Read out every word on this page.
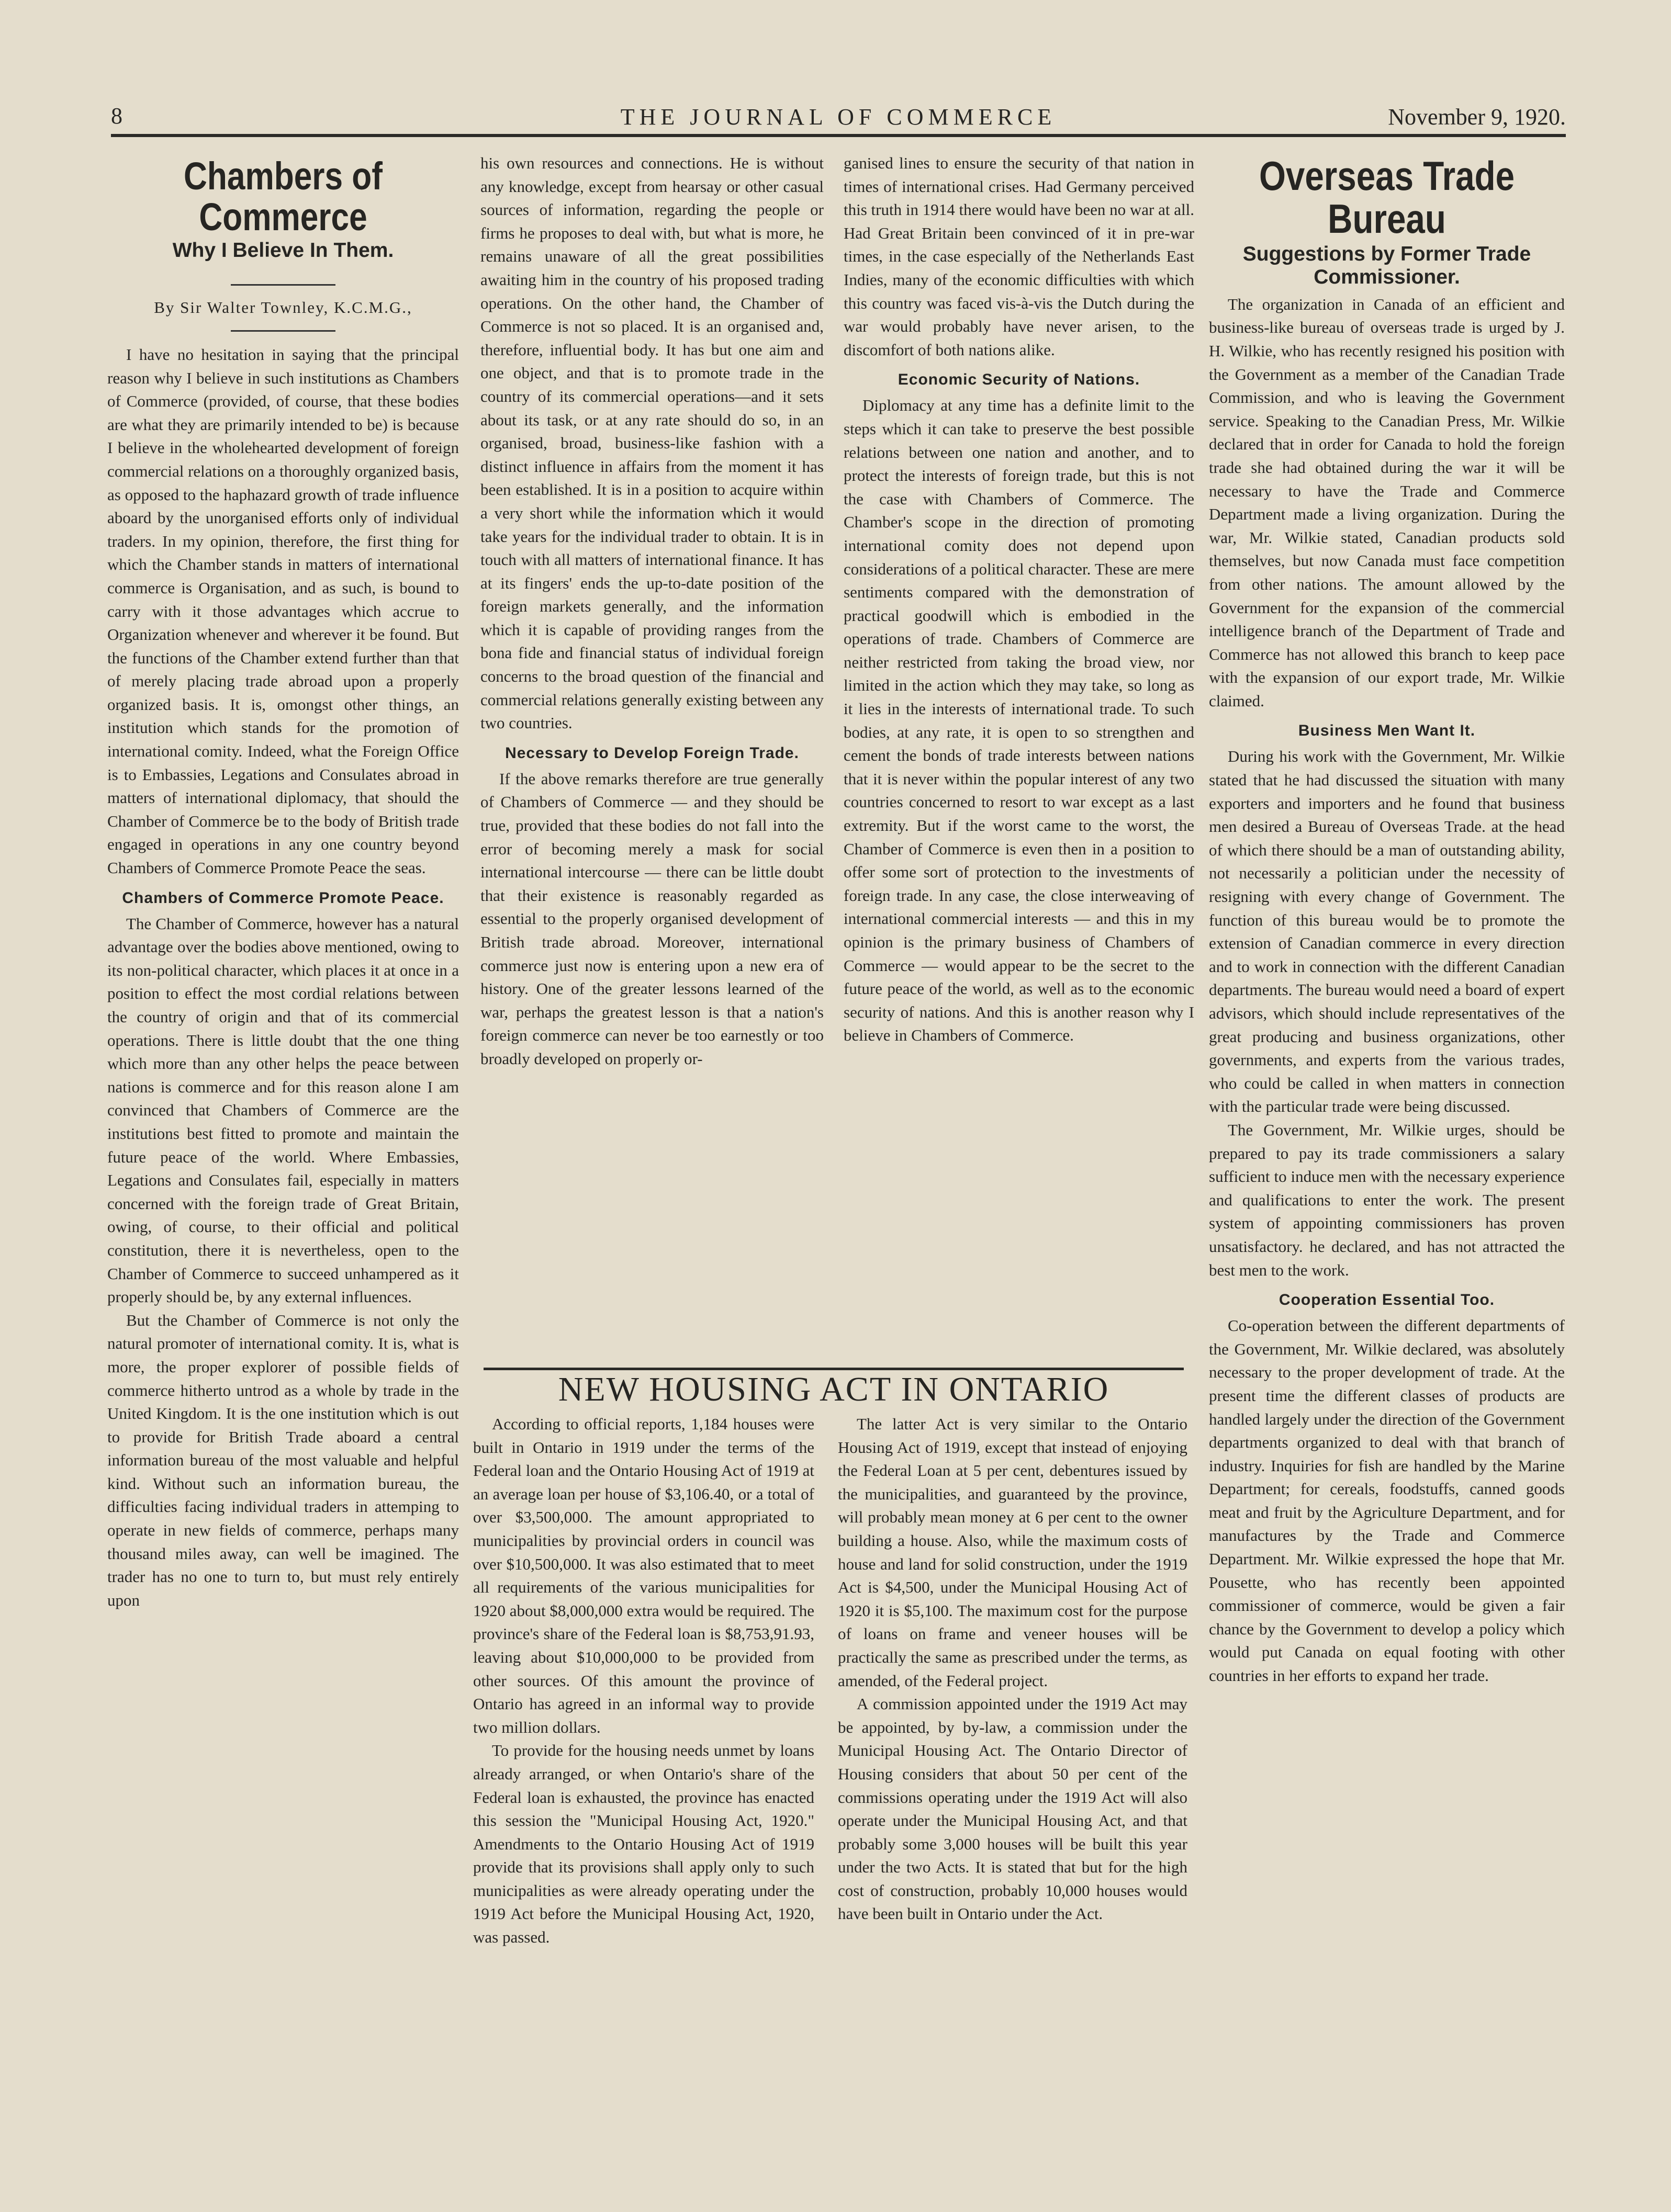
8	THE JOURNAL OF COMMERCE	November 9, 1920.
Chambers of Commerce
Why I Believe In Them.
By Sir Walter Townley, K.C.M.G.,

I have no hesitation in saying that the principal reason why I believe in such institutions as Chambers of Commerce (provided, of course, that these bodies are what they are primarily intended to be) is because I believe in the wholehearted development of foreign commercial relations on a thoroughly organized basis, as opposed to the haphazard growth of trade influence aboard by the unorganised efforts only of individual traders. In my opinion, therefore, the first thing for which the Chamber stands in matters of international commerce is Organisation, and as such, is bound to carry with it those advantages which accrue to Organization whenever and wherever it be found. But the functions of the Chamber extend further than that of merely placing trade abroad upon a properly organized basis. It is, omongst other things, an institution which stands for the promotion of international comity. Indeed, what the Foreign Office is to Embassies, Legations and Consulates abroad in matters of international diplomacy, that should the Chamber of Commerce be to the body of British trade engaged in operations in any one country beyond Chambers of Commerce Promote Peace the seas.

Chambers of Commerce Promote Peace.

The Chamber of Commerce, however has a natural advantage over the bodies above mentioned, owing to its non-political character, which places it at once in a position to effect the most cordial relations between the country of origin and that of its commercial operations. There is little doubt that the one thing which more than any other helps the peace between nations is commerce and for this reason alone I am convinced that Chambers of Commerce are the institutions best fitted to promote and maintain the future peace of the world. Where Embassies, Legations and Consulates fail, especially in matters concerned with the foreign trade of Great Britain, owing, of course, to their official and political constitution, there it is nevertheless, open to the Chamber of Commerce to succeed unhampered as it properly should be, by any external influences.

But the Chamber of Commerce is not only the natural promoter of international comity. It is, what is more, the proper explorer of possible fields of commerce hitherto untrod as a whole by trade in the United Kingdom. It is the one institution which is out to provide for British Trade aboard a central information bureau of the most valuable and helpful kind. Without such an information bureau, the difficulties facing individual traders in attemping to operate in new fields of commerce, perhaps many thousand miles away, can well be imagined. The trader has no one to turn to, but must rely entirely upon

his own resources and connections. He is without any knowledge, except from hearsay or other casual sources of information, regarding the people or firms he proposes to deal with, but what is more, he remains unaware of all the great possibilities awaiting him in the country of his proposed trading operations. On the other hand, the Chamber of Commerce is not so placed. It is an organised and, therefore, influential body. It has but one aim and one object, and that is to promote trade in the country of its commercial operations—and it sets about its task, or at any rate should do so, in an organised, broad, business-like fashion with a distinct influence in affairs from the moment it has been established. It is in a position to acquire within a very short while the information which it would take years for the individual trader to obtain. It is in touch with all matters of international finance. It has at its fingers' ends the up-to-date position of the foreign markets generally, and the information which it is capable of providing ranges from the bona fide and financial status of individual foreign concerns to the broad question of the financial and commercial relations generally existing between any two countries.

Necessary to Develop Foreign Trade.

If the above remarks therefore are true generally of Chambers of Commerce — and they should be true, provided that these bodies do not fall into the error of becoming merely a mask for social international intercourse — there can be little doubt that their existence is reasonably regarded as essential to the properly organised development of British trade abroad. Moreover, international commerce just now is entering upon a new era of history. One of the greater lessons learned of the war, perhaps the greatest lesson is that a nation's foreign commerce can never be too earnestly or too broadly developed on properly or-

ganised lines to ensure the security of that nation in times of international crises. Had Germany perceived this truth in 1914 there would have been no war at all. Had Great Britain been convinced of it in pre-war times, in the case especially of the Netherlands East Indies, many of the economic difficulties with which this country was faced vis-à-vis the Dutch during the war would probably have never arisen, to the discomfort of both nations alike.

Economic Security of Nations.

Diplomacy at any time has a definite limit to the steps which it can take to preserve the best possible relations between one nation and another, and to protect the interests of foreign trade, but this is not the case with Chambers of Commerce. The Chamber's scope in the direction of promoting international comity does not depend upon considerations of a political character. These are mere sentiments compared with the demonstration of practical goodwill which is embodied in the operations of trade. Chambers of Commerce are neither restricted from taking the broad view, nor limited in the action which they may take, so long as it lies in the interests of international trade. To such bodies, at any rate, it is open to so strengthen and cement the bonds of trade interests between nations that it is never within the popular interest of any two countries concerned to resort to war except as a last extremity. But if the worst came to the worst, the Chamber of Commerce is even then in a position to offer some sort of protection to the investments of foreign trade. In any case, the close interweaving of international commercial interests — and this in my opinion is the primary business of Chambers of Commerce — would appear to be the secret to the future peace of the world, as well as to the economic security of nations. And this is another reason why I believe in Chambers of Commerce.

NEW HOUSING ACT IN ONTARIO

According to official reports, 1,184 houses were built in Ontario in 1919 under the terms of the Federal loan and the Ontario Housing Act of 1919 at an average loan per house of $3,106.40, or a total of over $3,500,000. The amount appropriated to municipalities by provincial orders in council was over $10,500,000. It was also estimated that to meet all requirements of the various municipalities for 1920 about $8,000,000 extra would be required. The province's share of the Federal loan is $8,753,91.93, leaving about $10,000,000 to be provided from other sources. Of this amount the province of Ontario has agreed in an informal way to provide two million dollars.

To provide for the housing needs unmet by loans already arranged, or when Ontario's share of the Federal loan is exhausted, the province has enacted this session the "Municipal Housing Act, 1920." Amendments to the Ontario Housing Act of 1919 provide that its provisions shall apply only to such municipalities as were already operating under the 1919 Act before the Municipal Housing Act, 1920, was passed.

The latter Act is very similar to the Ontario Housing Act of 1919, except that instead of enjoying the Federal Loan at 5 per cent, debentures issued by the municipalities, and guaranteed by the province, will probably mean money at 6 per cent to the owner building a house. Also, while the maximum costs of house and land for solid construction, under the 1919 Act is $4,500, under the Municipal Housing Act of 1920 it is $5,100. The maximum cost for the purpose of loans on frame and veneer houses will be practically the same as prescribed under the terms, as amended, of the Federal project.

A commission appointed under the 1919 Act may be appointed, by by-law, a commission under the Municipal Housing Act. The Ontario Director of Housing considers that about 50 per cent of the commissions operating under the 1919 Act will also operate under the Municipal Housing Act, and that probably some 3,000 houses will be built this year under the two Acts. It is stated that but for the high cost of construction, probably 10,000 houses would have been built in Ontario under the Act.

Overseas Trade Bureau
Suggestions by Former Trade Commissioner.

The organization in Canada of an efficient and business-like bureau of overseas trade is urged by J. H. Wilkie, who has recently resigned his position with the Government as a member of the Canadian Trade Commission, and who is leaving the Government service. Speaking to the Canadian Press, Mr. Wilkie declared that in order for Canada to hold the foreign trade she had obtained during the war it will be necessary to have the Trade and Commerce Department made a living organization. During the war, Mr. Wilkie stated, Canadian products sold themselves, but now Canada must face competition from other nations. The amount allowed by the Government for the expansion of the commercial intelligence branch of the Department of Trade and Commerce has not allowed this branch to keep pace with the expansion of our export trade, Mr. Wilkie claimed.

Business Men Want It.

During his work with the Government, Mr. Wilkie stated that he had discussed the situation with many exporters and importers and he found that business men desired a Bureau of Overseas Trade. at the head of which there should be a man of outstanding ability, not necessarily a politician under the necessity of resigning with every change of Government. The function of this bureau would be to promote the extension of Canadian commerce in every direction and to work in connection with the different Canadian departments. The bureau would need a board of expert advisors, which should include representatives of the great producing and business organizations, other governments, and experts from the various trades, who could be called in when matters in connection with the particular trade were being discussed.

The Government, Mr. Wilkie urges, should be prepared to pay its trade commissioners a salary sufficient to induce men with the necessary experience and qualifications to enter the work. The present system of appointing commissioners has proven unsatisfactory. he declared, and has not attracted the best men to the work.

Cooperation Essential Too.

Co-operation between the different departments of the Government, Mr. Wilkie declared, was absolutely necessary to the proper development of trade. At the present time the different classes of products are handled largely under the direction of the Government departments organized to deal with that branch of industry. Inquiries for fish are handled by the Marine Department; for cereals, foodstuffs, canned goods meat and fruit by the Agriculture Department, and for manufactures by the Trade and Commerce Department. Mr. Wilkie expressed the hope that Mr. Pousette, who has recently been appointed commissioner of commerce, would be given a fair chance by the Government to develop a policy which would put Canada on equal footing with other countries in her efforts to expand her trade.
